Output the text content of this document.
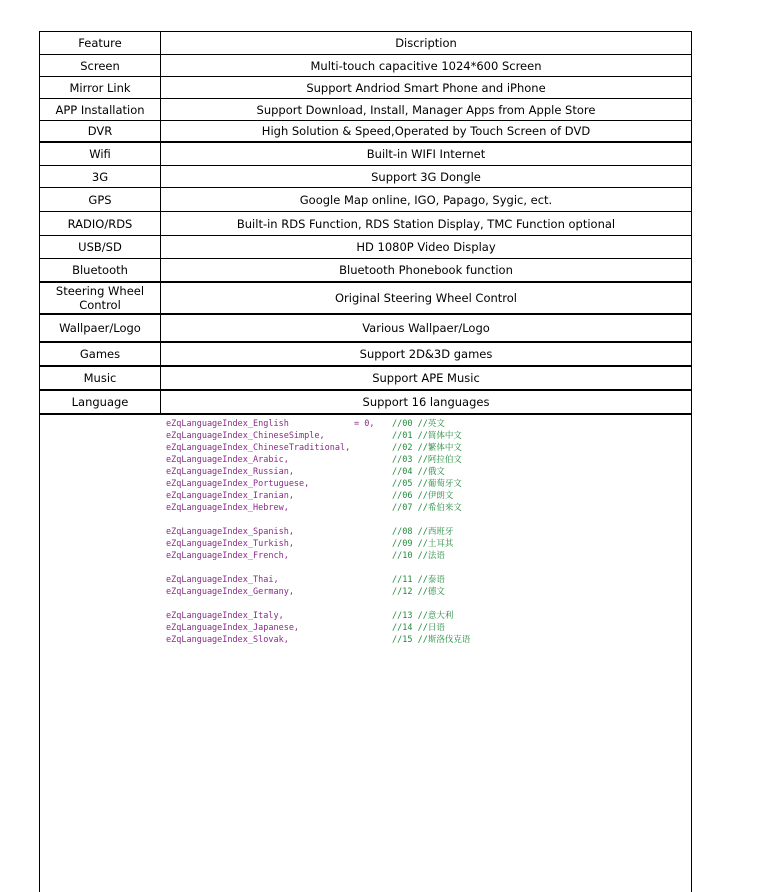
Feature	Discription
Screen	Multi-touch capacitive 1024*600 Screen
Mirror Link	Support Andriod Smart Phone and iPhone
APP Installation	Support Download, Install, Manager Apps from Apple Store
DVR	High Solution & Speed,Operated by Touch Screen of DVD
Wifi	Built-in WIFI Internet
3G	Support 3G Dongle
GPS	Google Map online, IGO, Papago, Sygic, ect.
RADIO/RDS	Built-in RDS Function, RDS Station Display, TMC Function optional
USB/SD	HD 1080P Video Display
Bluetooth	Bluetooth Phonebook function
Steering Wheel Control	Original Steering Wheel Control
Wallpaer/Logo	Various Wallpaer/Logo
Games	Support 2D&3D games
Music	Support APE Music
Language	Support 16 languages
eZqLanguageIndex_English	= 0,	//00 //英文
eZqLanguageIndex_ChineseSimple,	//01 //简体中文
eZqLanguageIndex_ChineseTraditional,	//02 //繁体中文
eZqLanguageIndex_Arabic,	//03 //阿拉伯文
eZqLanguageIndex_Russian,	//04 //俄文
eZqLanguageIndex_Portuguese,	//05 //葡萄牙文
eZqLanguageIndex_Iranian,	//06 //伊朗文
eZqLanguageIndex_Hebrew,	//07 //希伯来文
eZqLanguageIndex_Spanish,	//08 //西班牙
eZqLanguageIndex_Turkish,	//09 //土耳其
eZqLanguageIndex_French,	//10 //法语
eZqLanguageIndex_Thai,	//11 //泰语
eZqLanguageIndex_Germany,	//12 //德文
eZqLanguageIndex_Italy,	//13 //意大利
eZqLanguageIndex_Japanese,	//14 //日语
eZqLanguageIndex_Slovak,	//15 //斯洛伐克语
